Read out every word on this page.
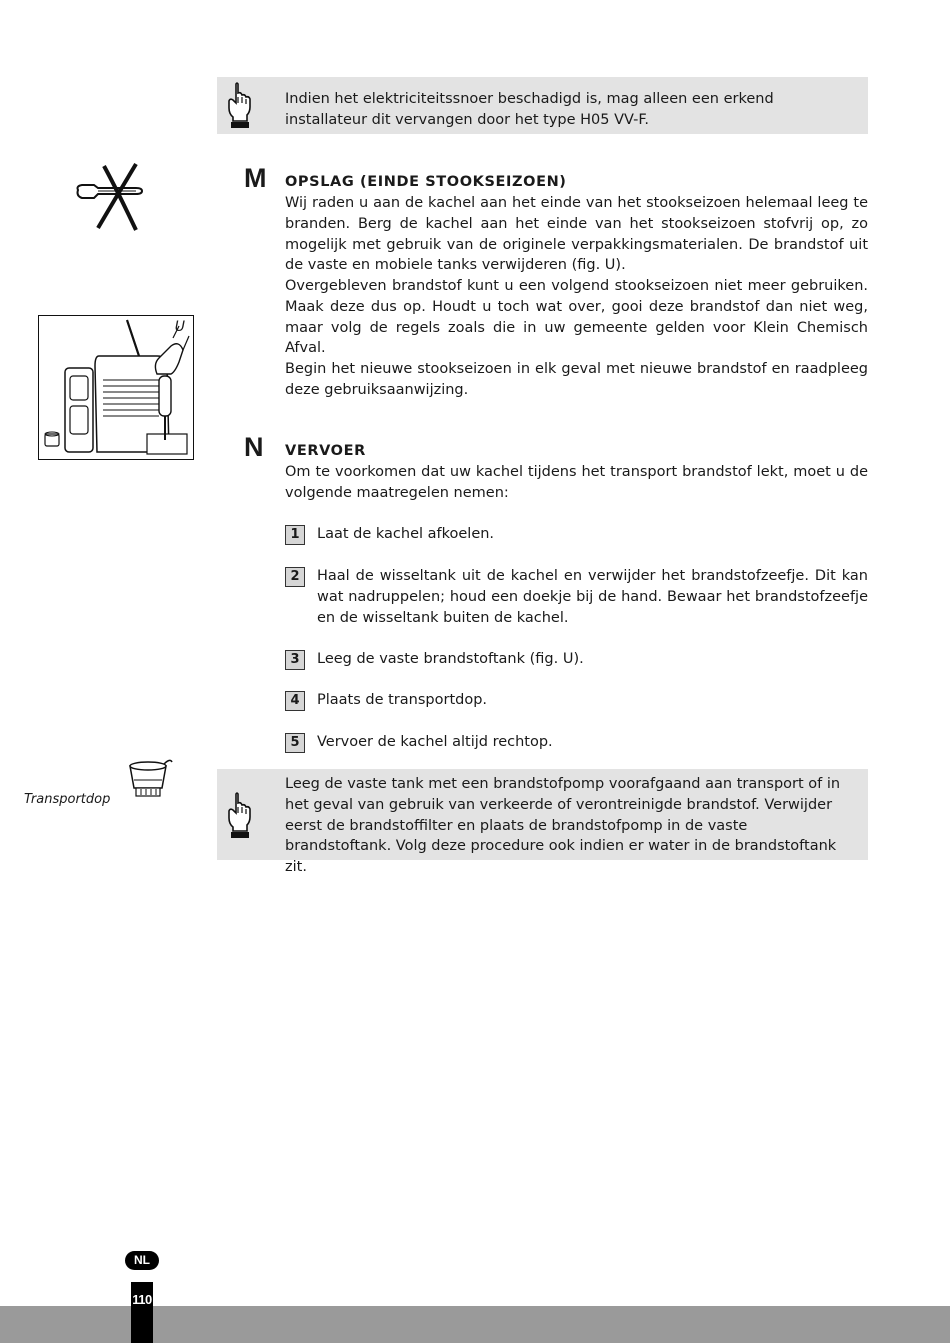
Indien het elektriciteitssnoer beschadigd is, mag alleen een erkend installateur dit vervangen door het type H05 VV-F.
M OPSLAG (EINDE STOOKSEIZOEN)
Wij raden u aan de kachel aan het einde van het stookseizoen helemaal leeg te branden. Berg de kachel aan het einde van het stookseizoen stofvrij op, zo mogelijk met gebruik van de originele verpakkingsmaterialen. De brandstof uit de vaste en mobiele tanks verwijderen (fig. U).
Overgebleven brandstof kunt u een volgend stookseizoen niet meer gebruiken. Maak deze dus op. Houdt u toch wat over, gooi deze brandstof dan niet weg, maar volg de regels zoals die in uw gemeente gelden voor Klein Chemisch Afval.
Begin het nieuwe stookseizoen in elk geval met nieuwe brandstof en raadpleeg deze gebruiksaanwijzing.
U
N VERVOER
Om te voorkomen dat uw kachel tijdens het transport brandstof lekt, moet u de volgende maatregelen nemen:
1	Laat de kachel afkoelen.
2	Haal de wisseltank uit de kachel en verwijder het brandstofzeefje. Dit kan wat nadruppelen; houd een doekje bij de hand. Bewaar het brandstofzeefje en de wisseltank buiten de kachel.
3	Leeg de vaste brandstoftank (fig. U).
4	Plaats de transportdop.
5	Vervoer de kachel altijd rechtop.
Transportdop
Leeg de vaste tank met een brandstofpomp voorafgaand aan transport of in het geval van gebruik van verkeerde of verontreinigde brandstof. Verwijder eerst de brandstoffilter en plaats de brandstofpomp in de vaste brandstoftank. Volg deze procedure ook indien er water in de brandstoftank zit.
NL
110
